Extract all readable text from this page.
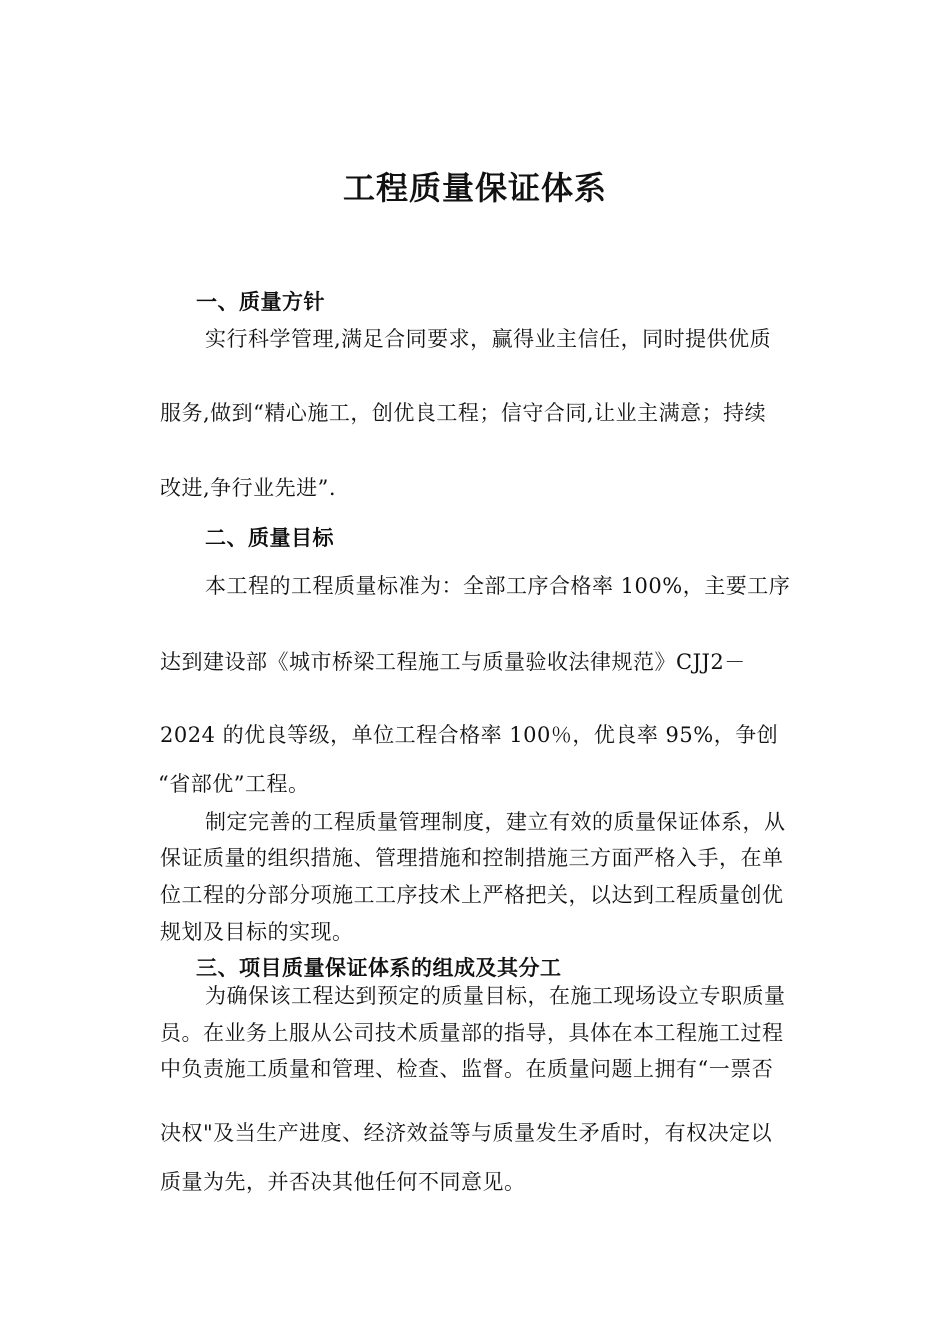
工程质量保证体系
一、质量方针
实行科学管理,满足合同要求，赢得业主信任，同时提供优质
服务,做到“精心施工，创优良工程；信守合同,让业主满意；持续
改进,争行业先进”.
二、质量目标
本工程的工程质量标准为：全部工序合格率 100%，主要工序
达到建设部《城市桥梁工程施工与质量验收法律规范》CJJ2－
2024 的优良等级，单位工程合格率 100％，优良率 95%，争创
“省部优”工程。
制定完善的工程质量管理制度，建立有效的质量保证体系，从
保证质量的组织措施、管理措施和控制措施三方面严格入手，在单
位工程的分部分项施工工序技术上严格把关，以达到工程质量创优
规划及目标的实现。
三、项目质量保证体系的组成及其分工
为确保该工程达到预定的质量目标，在施工现场设立专职质量
员。在业务上服从公司技术质量部的指导，具体在本工程施工过程
中负责施工质量和管理、检查、监督。在质量问题上拥有“一票否
决权"及当生产进度、经济效益等与质量发生矛盾时，有权决定以
质量为先，并否决其他任何不同意见。
